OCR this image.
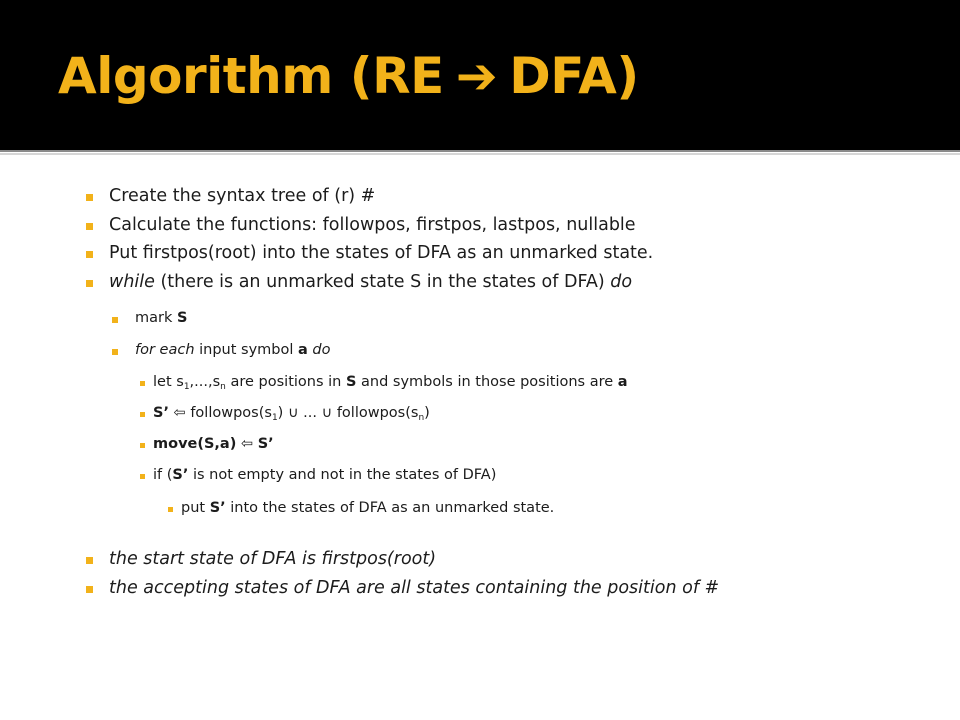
Algorithm (RE ➔ DFA)
Create the syntax tree of (r) #
Calculate the functions: followpos, firstpos, lastpos, nullable
Put firstpos(root) into the states of DFA as an unmarked state.
while (there is an unmarked state S in the states of DFA) do
mark S
for each input symbol a do
let $s_1,...,s_n$ are positions in S and symbols in those positions are a
S’ ⇦ $followpos(s_1)$ ∪ ... ∪ $followpos(s_n)$
move(S,a) ⇦ S’
if (S’ is not empty and not in the states of DFA)
put S’ into the states of DFA as an unmarked state.
the start state of DFA is firstpos(root)
the accepting states of DFA are all states containing the position of #
